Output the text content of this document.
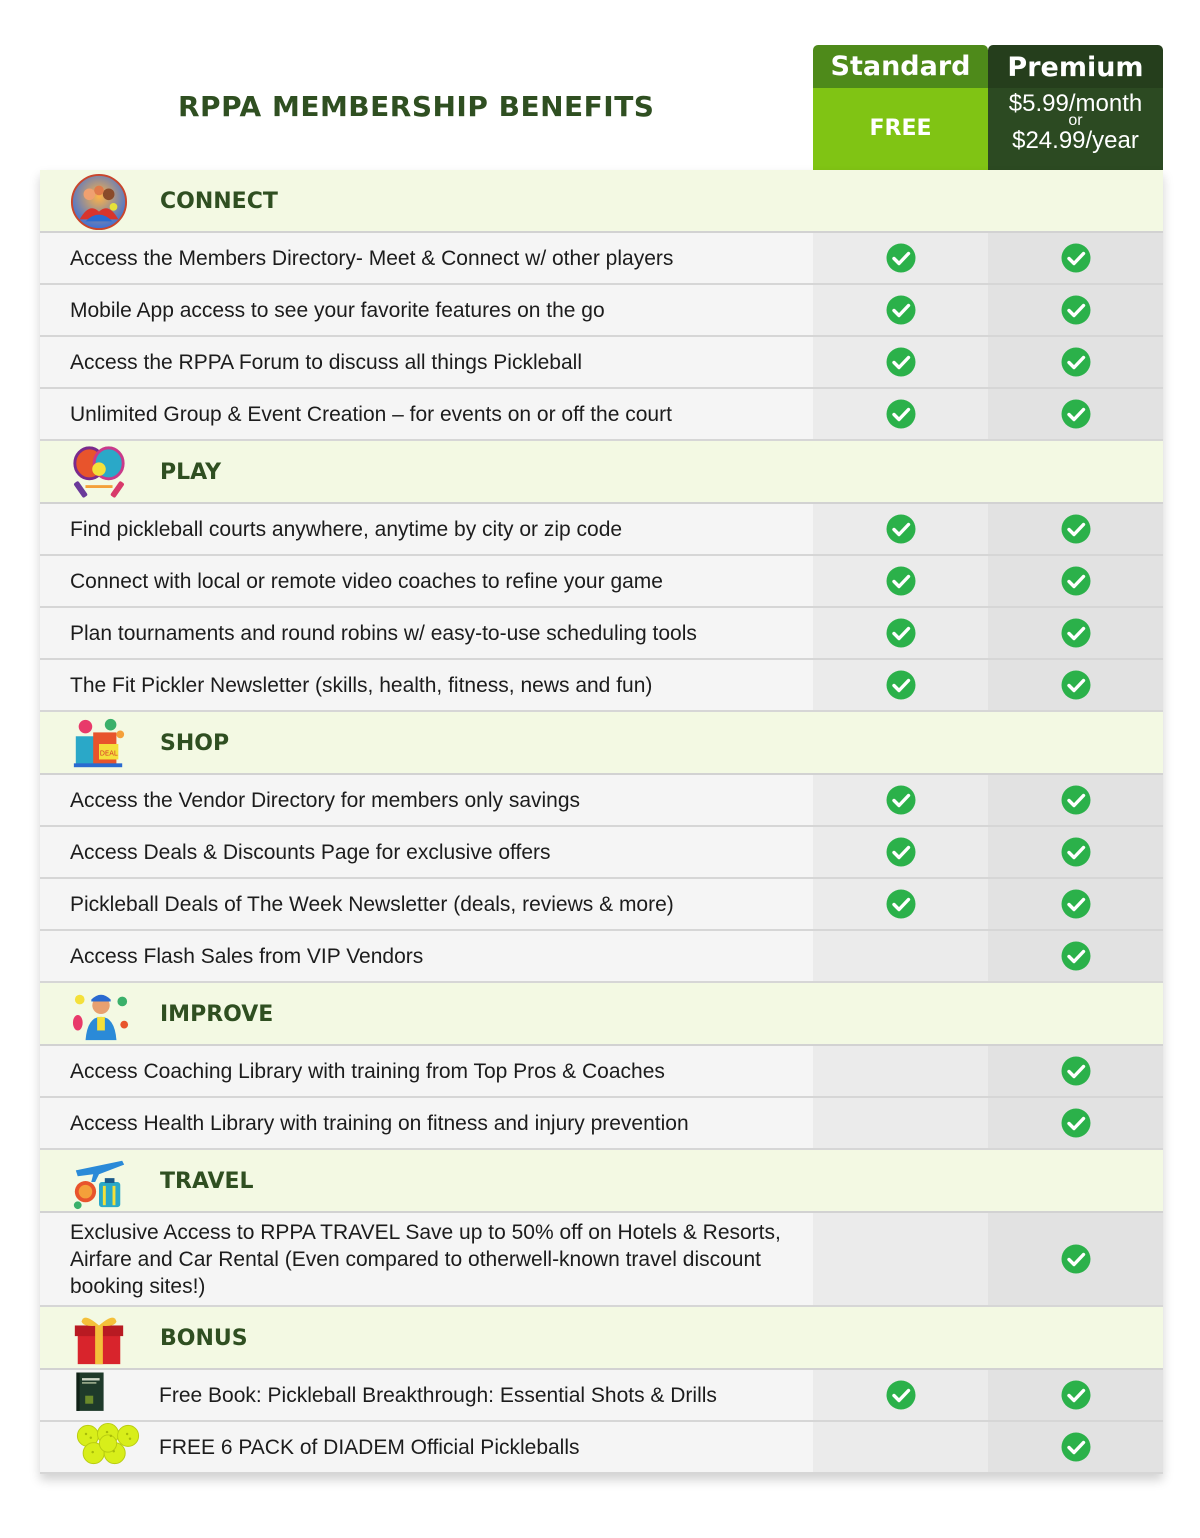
RPPA MEMBERSHIP BENEFITS
Standard
FREE
Premium
$5.99/month
or
$24.99/year
CONNECT
Access the Members Directory- Meet & Connect w/ other players
Mobile App access to see your favorite features on the go
Access the RPPA Forum to discuss all things Pickleball
Unlimited Group & Event Creation – for events on or off the court
PLAY
Find pickleball courts anywhere, anytime by city or zip code
Connect with local or remote video coaches to refine your game
Plan tournaments and round robins w/ easy-to-use scheduling tools
The Fit Pickler Newsletter (skills, health, fitness, news and fun)
DEAL SHOP
Access the Vendor Directory for members only savings
Access Deals & Discounts Page for exclusive offers
Pickleball Deals of The Week Newsletter (deals, reviews & more)
Access Flash Sales from VIP Vendors
IMPROVE
Access Coaching Library with training from Top Pros & Coaches
Access Health Library with training on fitness and injury prevention
TRAVEL
Exclusive Access to RPPA TRAVEL Save up to 50% off on Hotels & Resorts, Airfare and Car Rental (Even compared to otherwell-known travel discount booking sites!)
BONUS
Free Book: Pickleball Breakthrough: Essential Shots & Drills
FREE 6 PACK of DIADEM Official Pickleballs
